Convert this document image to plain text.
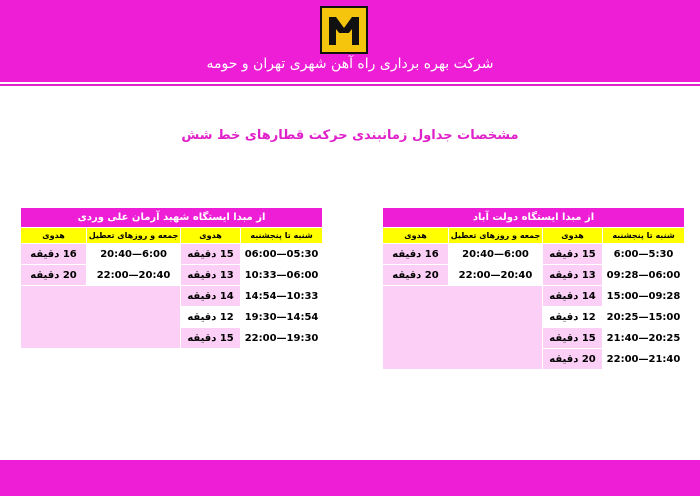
شرکت بهره برداری راه آهن شهری تهران و حومه
مشخصات جداول زمانبندی حرکت قطارهای خط شش
از مبدا ایستگاه دولت آباد			
شنبه تا پنجشنبه	هدوی	جمعه و روزهای تعطیل	هدوی
5:30—6:00	15 دقیقه	6:00—20:40	16 دقیقه
06:00—09:28	13 دقیقه	20:40—22:00	20 دقیقه
09:28—15:00	14 دقیقه		
15:00—20:25	12 دقیقه		
20:25—21:40	15 دقیقه		
21:40—22:00	20 دقیقه		
از مبدا ایستگاه شهید آرمان علی وردی			
شنبه تا پنجشنبه	هدوی	جمعه و روزهای تعطیل	هدوی
05:30—06:00	15 دقیقه	6:00—20:40	16 دقیقه
06:00—10:33	13 دقیقه	20:40—22:00	20 دقیقه
10:33—14:54	14 دقیقه		
14:54—19:30	12 دقیقه		
19:30—22:00	15 دقیقه		
